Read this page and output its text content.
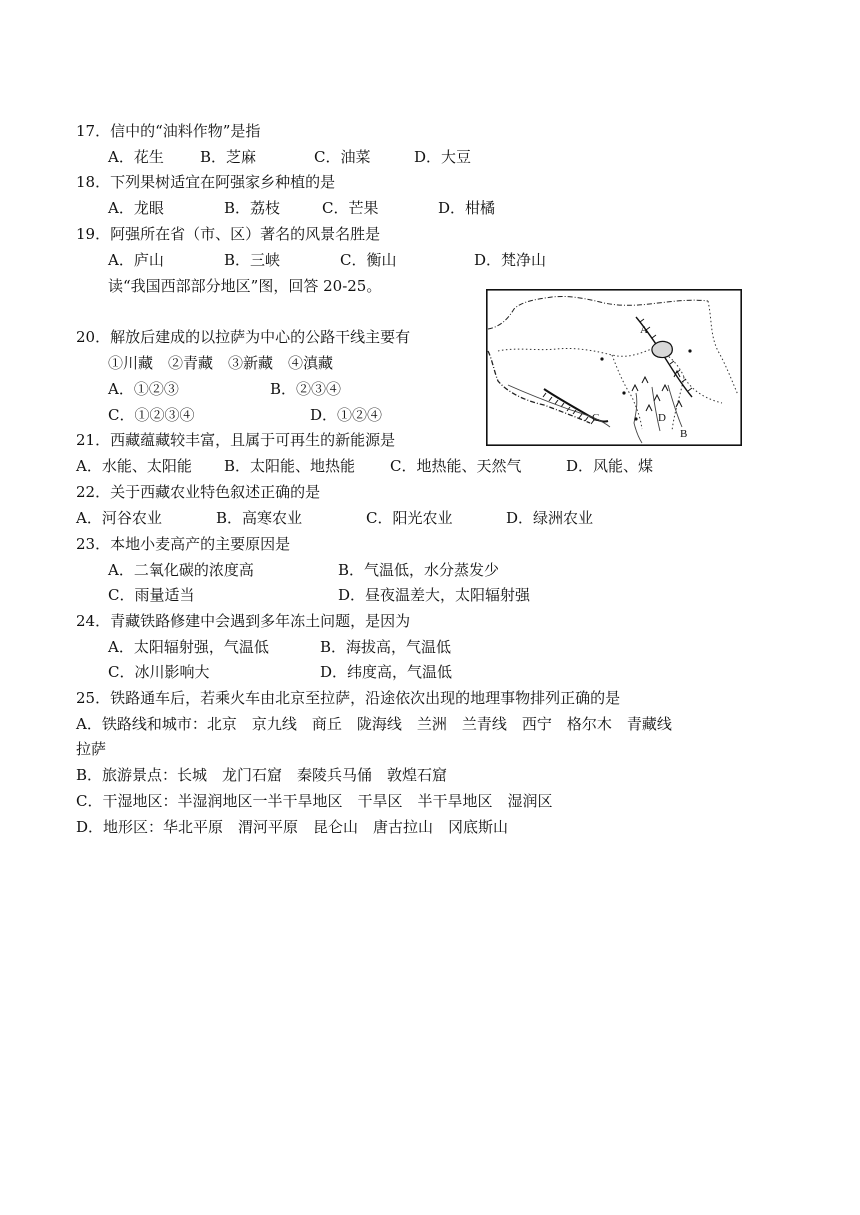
17．信中的“油料作物”是指
A．花生 B．芝麻	C．油菜	D．大豆
18．下列果树适宜在阿强家乡种植的是
A．龙眼	B．荔枝	C．芒果	D．柑橘
19．阿强所在省（市、区）著名的风景名胜是
A．庐山	B．三峡	C．衡山	D．梵净山
读“我国西部部分地区”图，回答 20-25。
A
B
C	D
20．解放后建成的以拉萨为中心的公路干线主要有
①川藏　②青藏　③新藏　④滇藏
A．①②③	B．②③④
C．①②③④	D．①②④
21．西藏蕴藏较丰富，且属于可再生的新能源是
A．水能、太阳能 B．太阳能、地热能 C．地热能、天然气	D．风能、煤
22．关于西藏农业特色叙述正确的是
A．河谷农业	B．高寒农业	C．阳光农业	D．绿洲农业
23．本地小麦高产的主要原因是
A．二氧化碳的浓度高	B．气温低，水分蒸发少
C．雨量适当	D．昼夜温差大，太阳辐射强
24．青藏铁路修建中会遇到多年冻土问题，是因为
A．太阳辐射强，气温低	B．海拔高，气温低
C．冰川影响大	D．纬度高，气温低
25．铁路通车后，若乘火车由北京至拉萨，沿途依次出现的地理事物排列正确的是
A．铁路线和城市：北京　京九线　商丘　陇海线　兰洲　兰青线　西宁　格尔木　青藏线
拉萨
B．旅游景点：长城　龙门石窟　秦陵兵马俑　敦煌石窟
C．干湿地区：半湿润地区一半干旱地区　干旱区　半干旱地区　湿润区
D．地形区：华北平原　渭河平原　昆仑山　唐古拉山　冈底斯山
